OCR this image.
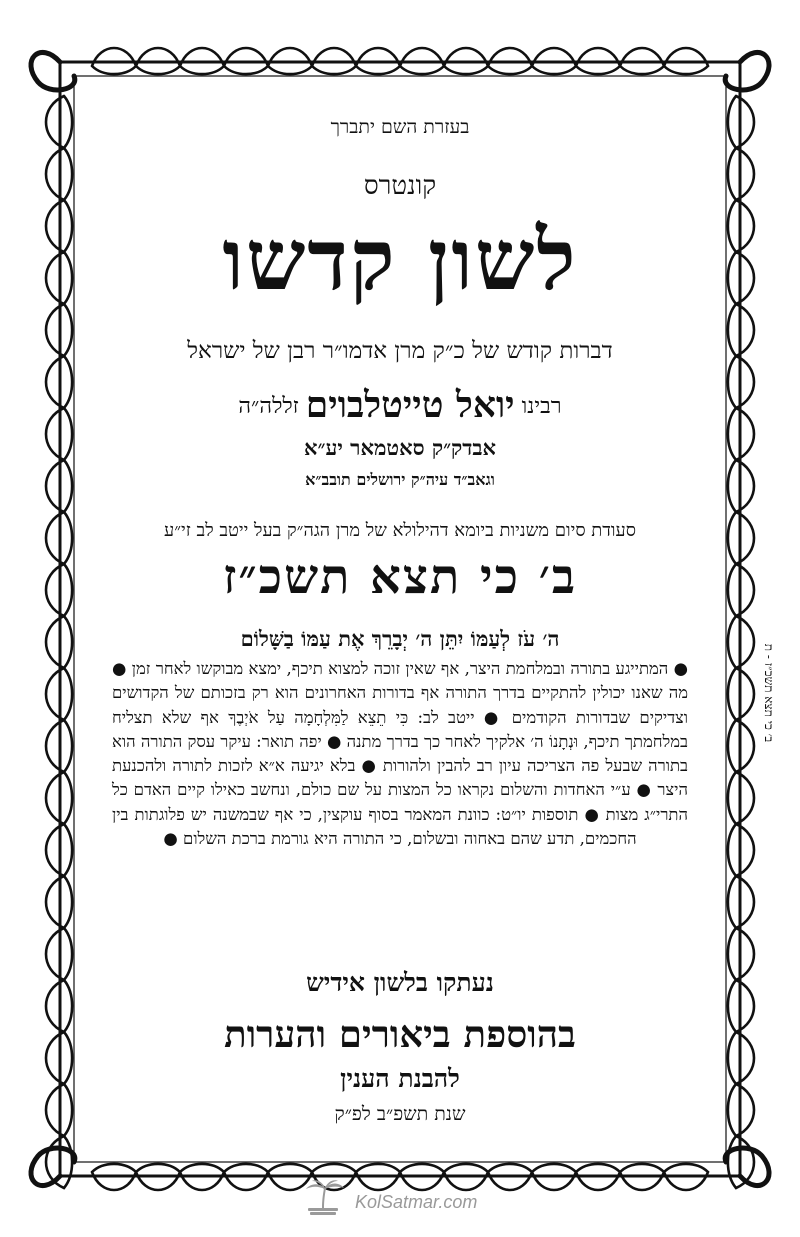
בעזרת השם יתברך
קונטרס
לשון קדשו
דברות קודש של כ״ק מרן אדמו״ר רבן של ישראל
רבינו יואל טייטלבוים זללה״ה
אבדק״ק סאטמאר יע״א
וגאב״ד עיה״ק ירושלים תובב״א
סעודת סיום משניות ביומא דהילולא של מרן הגה״ק בעל ייטב לב זי״ע
ב׳ כי תצא תשכ״ז
ה׳ עֹז לְעַמּוֹ יִתֵּן ה׳ יְבָרֵךְ אֶת עַמּוֹ בַשָּׁלוֹם
● המתייגע בתורה ובמלחמת היצר, אף שאין זוכה למצוא תיכף, ימצא מבוקשו לאחר זמן ● מה שאנו יכולין להתקיים בדרך התורה אף בדורות האחרונים הוא רק בזכותם של הקדושים וצדיקים שבדורות הקודמים ● ייטב לב: כִּי תֵצֵא לַמִּלְחָמָה עַל אֹיְבֶךָ אף שלא תצליח במלחמתך תיכף, וּנְתָנוֹ ה׳ אלקיך לאחר כך בדרך מתנה ● יפה תואר: עיקר עסק התורה הוא בתורה שבעל פה הצריכה עיון רב להבין ולהורות ● בלא יגיעה א״א לזכות לתורה ולהכנעת היצר ● ע״י האחדות והשלום נקראו כל המצות על שם כולם, ונחשב כאילו קיים האדם כל התרי״ג מצות ● תוספות יו״ט: כוונת המאמר בסוף עוקצין, כי אף שבמשנה יש פלוגתות בין החכמים, תדע שהם באחוה ובשלום, כי התורה היא גורמת ברכת השלום ●
נעתקו בלשון אידיש
בהוספת ביאורים והערות
להבנת הענין
שנת תשפ״ב לפ״ק
ב׳ כי תצא תשכ״ז - ת
KolSatmar.com
